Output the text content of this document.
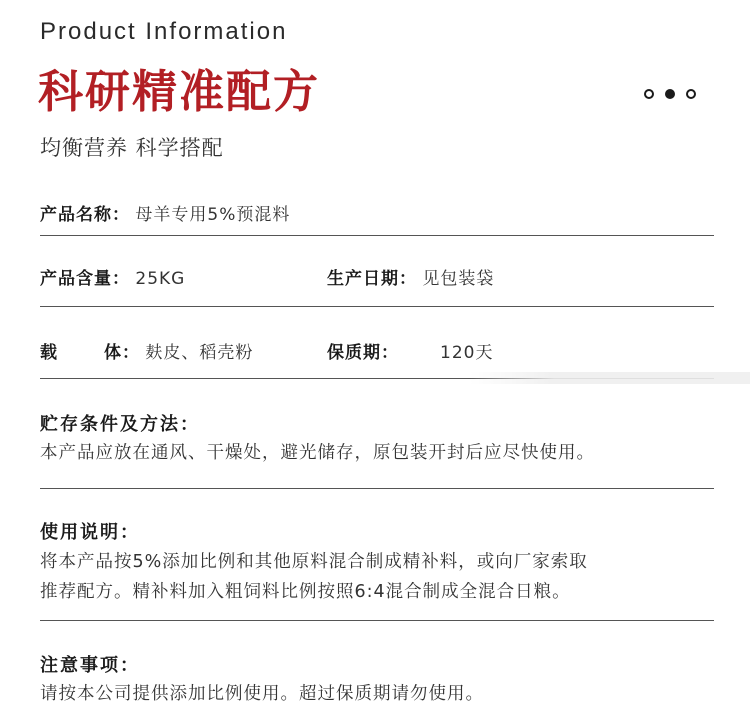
Product Information
科研精准配方
均衡营养 科学搭配
产品名称： 母羊专用5%预混料
产品含量： 25KG	生产日期： 见包装袋
载	体： 麸皮、稻壳粉	保质期： 120天
贮存条件及方法：
本产品应放在通风、干燥处，避光储存，原包装开封后应尽快使用。
使用说明：
将本产品按5%添加比例和其他原料混合制成精补料，或向厂家索取
推荐配方。精补料加入粗饲料比例按照6:4混合制成全混合日粮。
注意事项：
请按本公司提供添加比例使用。超过保质期请勿使用。
